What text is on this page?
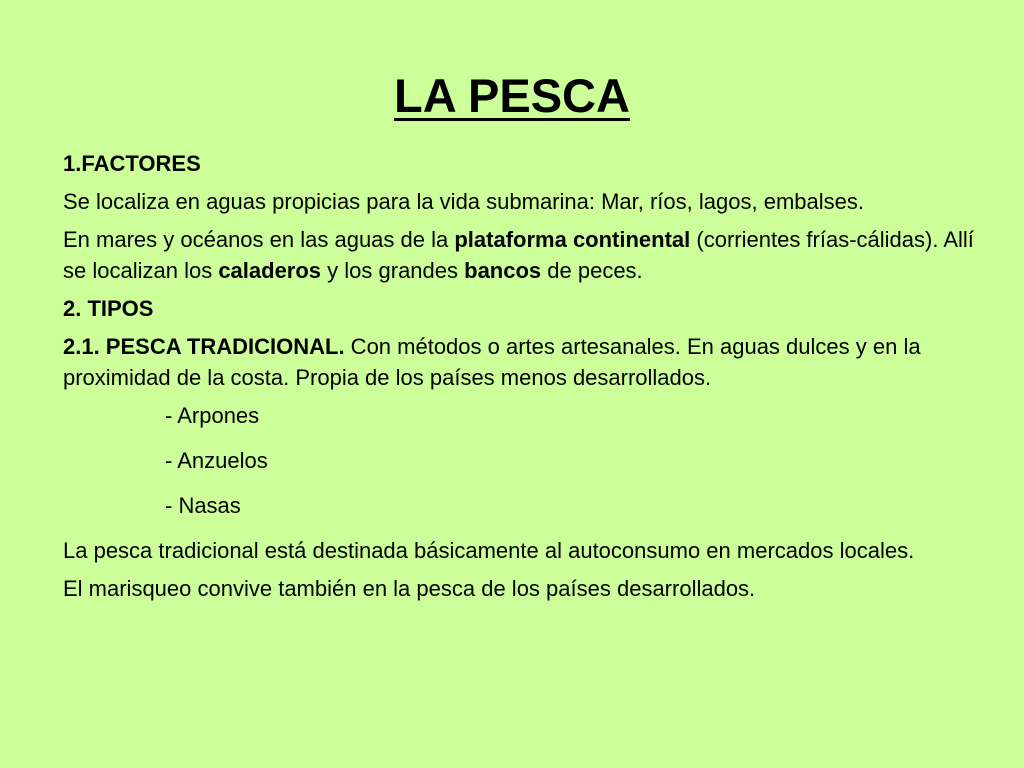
LA PESCA

1.FACTORES

Se localiza en aguas propicias para la vida submarina: Mar, ríos, lagos, embalses.

En mares y océanos en las aguas de la plataforma continental (corrientes frías-cálidas). Allí se localizan los caladeros y los grandes bancos de peces.

2. TIPOS

2.1. PESCA TRADICIONAL. Con métodos o artes artesanales. En aguas dulces y en la proximidad de la costa. Propia de los países menos desarrollados.

- Arpones

- Anzuelos

- Nasas

La pesca tradicional está destinada básicamente al autoconsumo en mercados locales.

El marisqueo convive también en la pesca de los países desarrollados.
